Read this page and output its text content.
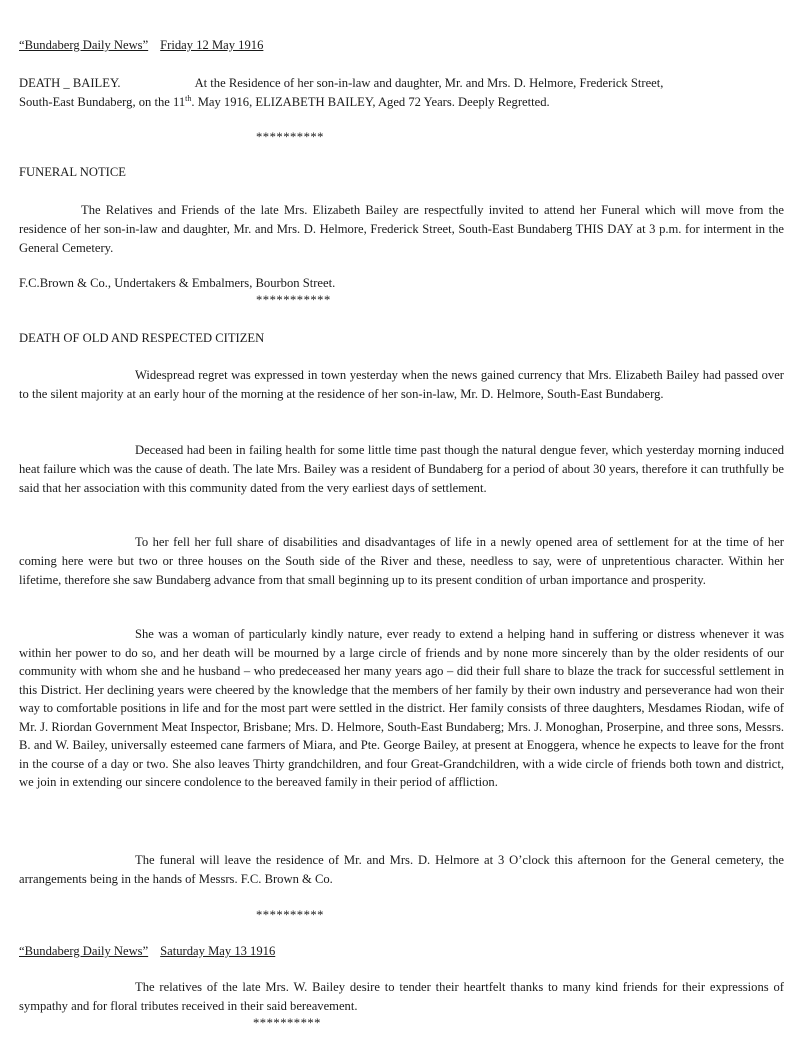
“Bundaberg Daily News” Friday 12 May 1916
DEATH _ BAILEY.	At the Residence of her son-in-law and daughter, Mr. and Mrs. D. Helmore, Frederick Street,
South-East Bundaberg, on the 11th. May 1916, ELIZABETH BAILEY, Aged 72 Years. Deeply Regretted.
**********
FUNERAL NOTICE
The Relatives and Friends of the late Mrs. Elizabeth Bailey are respectfully invited to attend her Funeral which will move from the residence of her son-in-law and daughter, Mr. and Mrs. D. Helmore, Frederick Street, South-East Bundaberg THIS DAY at 3 p.m. for interment in the General Cemetery.
F.C.Brown & Co., Undertakers & Embalmers, Bourbon Street.
***********
DEATH OF OLD AND RESPECTED CITIZEN
Widespread regret was expressed in town yesterday when the news gained currency that Mrs. Elizabeth Bailey had passed over to the silent majority at an early hour of the morning at the residence of her son-in-law, Mr. D. Helmore, South-East Bundaberg.
Deceased had been in failing health for some little time past though the natural dengue fever, which yesterday morning induced heat failure which was the cause of death. The late Mrs. Bailey was a resident of Bundaberg for a period of about 30 years, therefore it can truthfully be said that her association with this community dated from the very earliest days of settlement.
To her fell her full share of disabilities and disadvantages of life in a newly opened area of settlement for at the time of her coming here were but two or three houses on the South side of the River and these, needless to say, were of unpretentious character. Within her lifetime, therefore she saw Bundaberg advance from that small beginning up to its present condition of urban importance and prosperity.
She was a woman of particularly kindly nature, ever ready to extend a helping hand in suffering or distress whenever it was within her power to do so, and her death will be mourned by a large circle of friends and by none more sincerely than by the older residents of our community with whom she and he husband – who predeceased her many years ago – did their full share to blaze the track for successful settlement in this District. Her declining years were cheered by the knowledge that the members of her family by their own industry and perseverance had won their way to comfortable positions in life and for the most part were settled in the district. Her family consists of three daughters, Mesdames Riodan, wife of Mr. J. Riordan Government Meat Inspector, Brisbane; Mrs. D. Helmore, South-East Bundaberg; Mrs. J. Monoghan, Proserpine, and three sons, Messrs. B. and W. Bailey, universally esteemed cane farmers of Miara, and Pte. George Bailey, at present at Enoggera, whence he expects to leave for the front in the course of a day or two. She also leaves Thirty grandchildren, and four Great-Grandchildren, with a wide circle of friends both town and district, we join in extending our sincere condolence to the bereaved family in their period of affliction.
The funeral will leave the residence of Mr. and Mrs. D. Helmore at 3 O’clock this afternoon for the General cemetery, the arrangements being in the hands of Messrs. F.C. Brown & Co.
**********
“Bundaberg Daily News” Saturday May 13 1916
The relatives of the late Mrs. W. Bailey desire to tender their heartfelt thanks to many kind friends for their expressions of sympathy and for floral tributes received in their said bereavement.
**********
